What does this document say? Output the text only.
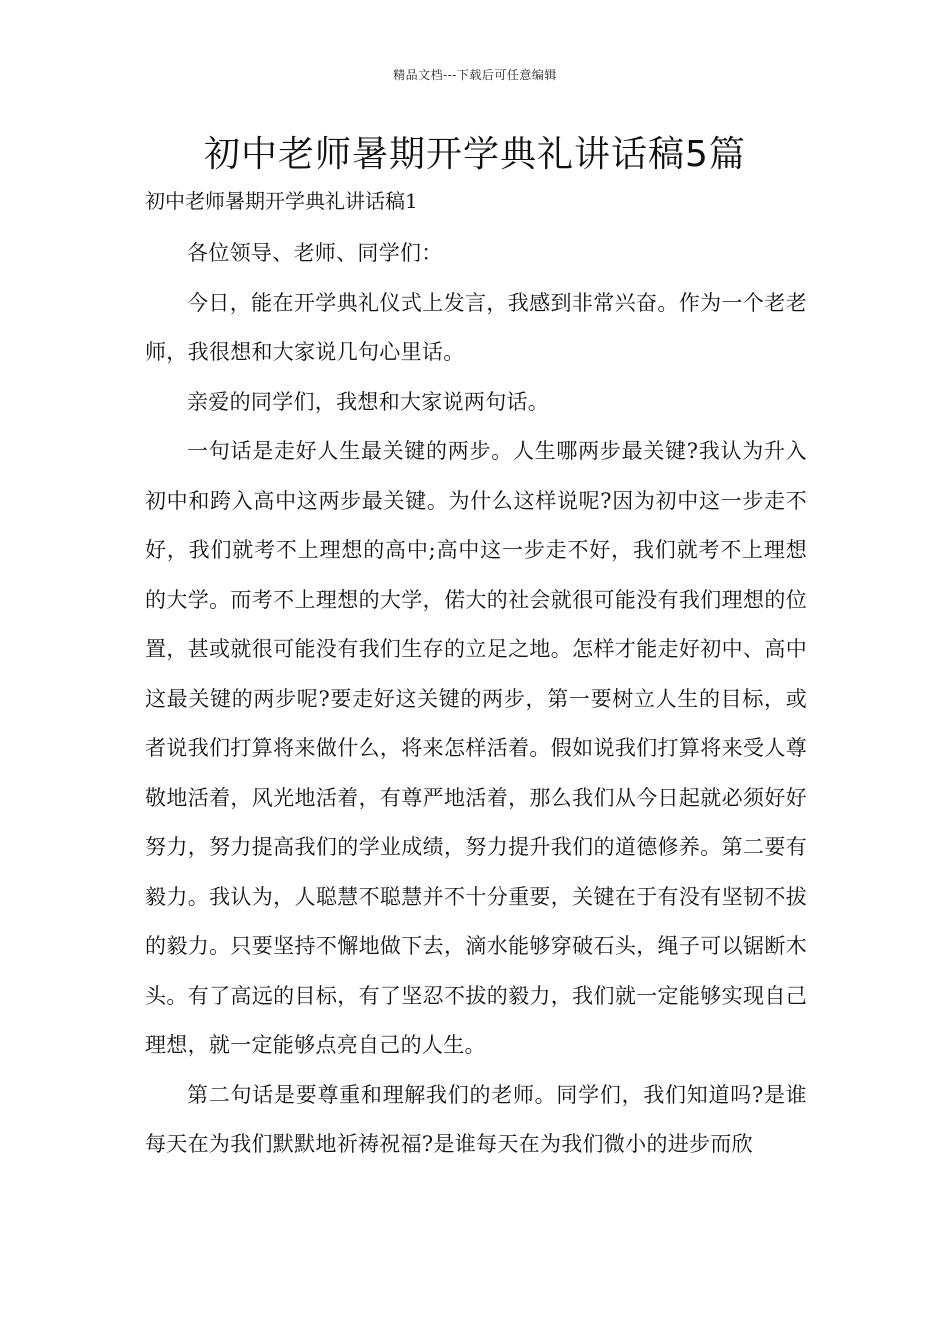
精品文档---下载后可任意编辑
初中老师暑期开学典礼讲话稿5篇
初中老师暑期开学典礼讲话稿1

各位领导、老师、同学们：

今日，能在开学典礼仪式上发言，我感到非常兴奋。作为一个老老师，我很想和大家说几句心里话。

亲爱的同学们，我想和大家说两句话。

一句话是走好人生最关键的两步。人生哪两步最关键?我认为升入初中和跨入高中这两步最关键。为什么这样说呢?因为初中这一步走不好，我们就考不上理想的高中;高中这一步走不好，我们就考不上理想的大学。而考不上理想的大学，偌大的社会就很可能没有我们理想的位置，甚或就很可能没有我们生存的立足之地。怎样才能走好初中、高中这最关键的两步呢?要走好这关键的两步，第一要树立人生的目标，或者说我们打算将来做什么，将来怎样活着。假如说我们打算将来受人尊敬地活着，风光地活着，有尊严地活着，那么我们从今日起就必须好好努力，努力提高我们的学业成绩，努力提升我们的道德修养。第二要有毅力。我认为，人聪慧不聪慧并不十分重要，关键在于有没有坚韧不拔的毅力。只要坚持不懈地做下去，滴水能够穿破石头，绳子可以锯断木头。有了高远的目标，有了坚忍不拔的毅力，我们就一定能够实现自己理想，就一定能够点亮自己的人生。

第二句话是要尊重和理解我们的老师。同学们，我们知道吗?是谁每天在为我们默默地祈祷祝福?是谁每天在为我们微小的进步而欣
